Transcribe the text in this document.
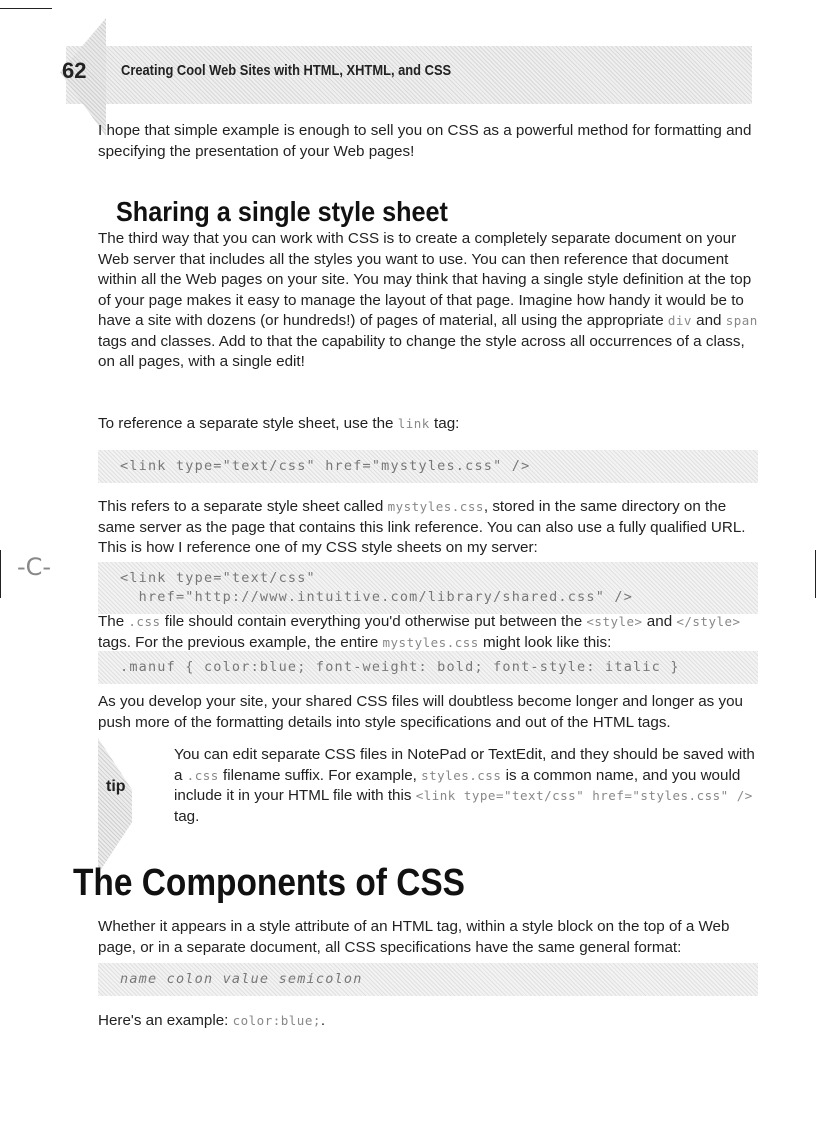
62 Creating Cool Web Sites with HTML, XHTML, and CSS

I hope that simple example is enough to sell you on CSS as a powerful method for formatting and specifying the presentation of your Web pages!

Sharing a single style sheet

The third way that you can work with CSS is to create a completely separate document on your Web server that includes all the styles you want to use. You can then reference that document within all the Web pages on your site. You may think that having a single style definition at the top of your page makes it easy to manage the layout of that page. Imagine how handy it would be to have a site with dozens (or hundreds!) of pages of material, all using the appropriate div and span tags and classes. Add to that the capability to change the style across all occurrences of a class, on all pages, with a single edit!

To reference a separate style sheet, use the link tag:

<link type="text/css" href="mystyles.css" />

This refers to a separate style sheet called mystyles.css, stored in the same directory on the same server as the page that contains this link reference. You can also use a fully qualified URL. This is how I reference one of my CSS style sheets on my server:

-C-	<link type="text/css"
href="http://www.intuitive.com/library/shared.css" />

The .css file should contain everything you'd otherwise put between the <style> and </style> tags. For the previous example, the entire mystyles.css might look like this:

.manuf { color:blue; font-weight: bold; font-style: italic }

As you develop your site, your shared CSS files will doubtless become longer and longer as you push more of the formatting details into style specifications and out of the HTML tags.

tip

You can edit separate CSS files in NotePad or TextEdit, and they should be saved with a .css filename suffix. For example, styles.css is a common name, and you would include it in your HTML file with this <link type="text/css" href="styles.css" /> tag.

The Components of CSS

Whether it appears in a style attribute of an HTML tag, within a style block on the top of a Web page, or in a separate document, all CSS specifications have the same general format:

name colon value semicolon

Here's an example: color:blue;.
